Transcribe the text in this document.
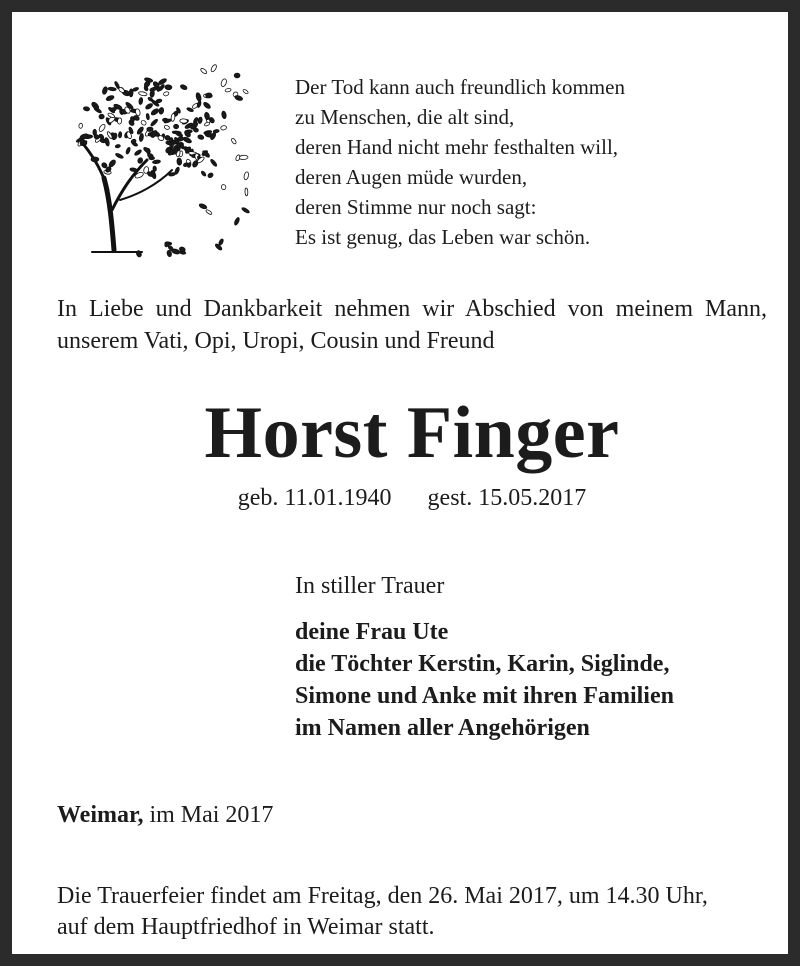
Der Tod kann auch freundlich kommen
zu Menschen, die alt sind,
deren Hand nicht mehr festhalten will,
deren Augen müde wurden,
deren Stimme nur noch sagt:
Es ist genug, das Leben war schön.
In Liebe und Dankbarkeit nehmen wir Abschied von meinem Mann, unserem Vati, Opi, Uropi, Cousin und Freund
Horst Finger
geb. 11.01.1940 gest. 15.05.2017
In stiller Trauer
deine Frau Ute
die Töchter Kerstin, Karin, Siglinde,
Simone und Anke mit ihren Familien
im Namen aller Angehörigen
Weimar, im Mai 2017
Die Trauerfeier findet am Freitag, den 26. Mai 2017, um 14.30 Uhr,
auf dem Hauptfriedhof in Weimar statt.
